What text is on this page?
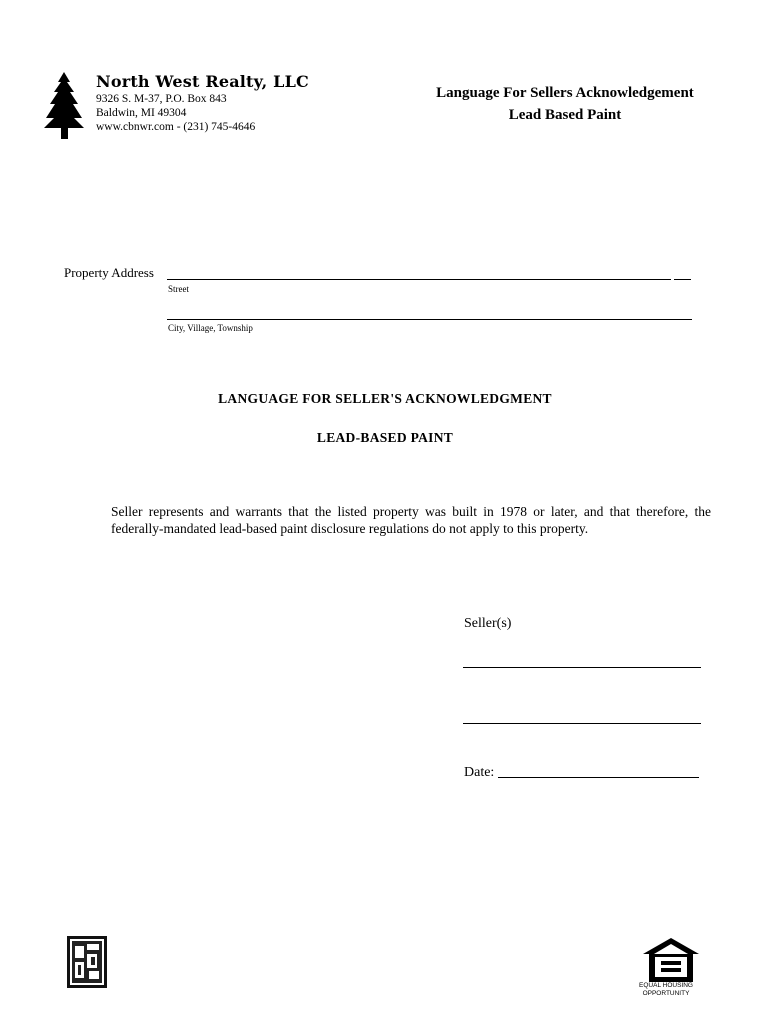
North West Realty, LLC
9326 S. M-37, P.O. Box 843
Baldwin, MI 49304
www.cbnwr.com - (231) 745-4646
Language For Sellers Acknowledgement
Lead Based Paint
Property Address
Street
City, Village, Township
LANGUAGE FOR SELLER'S ACKNOWLEDGMENT
LEAD-BASED PAINT
Seller represents and warrants that the listed property was built in 1978 or later, and that therefore, the federally-mandated lead-based paint disclosure regulations do not apply to this property.
Seller(s)
Date:
EQUAL HOUSING
OPPORTUNITY
